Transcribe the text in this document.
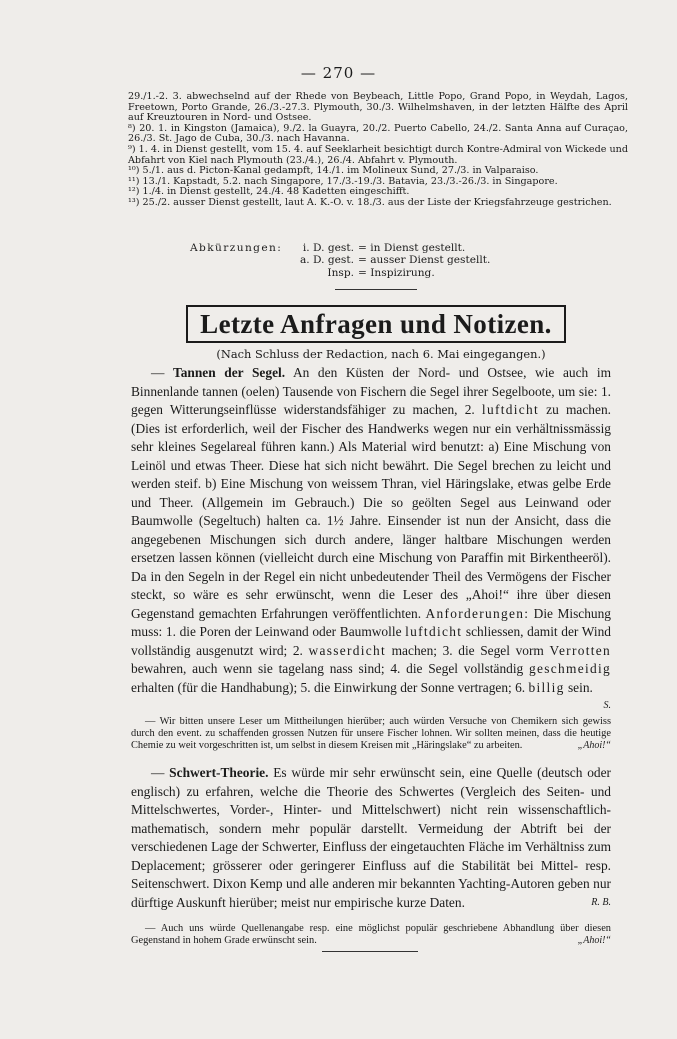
— 270 —

29./1.-2. 3. abwechselnd auf der Rhede von Beybeach, Little Popo, Grand Popo, in Weydah, Lagos, Freetown, Porto Grande, 26./3.-27.3. Plymouth, 30./3. Wilhelmshaven, in der letzten Hälfte des April auf Kreuztouren in Nord- und Ostsee.

⁸) 20. 1. in Kingston (Jamaica), 9./2. la Guayra, 20./2. Puerto Cabello, 24./2. Santa Anna auf Curaçao, 26./3. St. Jago de Cuba, 30./3. nach Havanna.

⁹) 1. 4. in Dienst gestellt, vom 15. 4. auf Seeklarheit besichtigt durch Kontre-Admiral von Wickede und Abfahrt von Kiel nach Plymouth (23./4.), 26./4. Abfahrt v. Plymouth.

¹⁰) 5./1. aus d. Picton-Kanal gedampft, 14./1. im Molineux Sund, 27./3. in Valparaiso.

¹¹) 13./1. Kapstadt, 5.2. nach Singapore, 17./3.-19./3. Batavia, 23./3.-26./3. in Singapore.

¹²) 1./4. in Dienst gestellt, 24./4. 48 Kadetten eingeschifft.

¹³) 25./2. ausser Dienst gestellt, laut A. K.-O. v. 18./3. aus der Liste der Kriegsfahrzeuge gestrichen.

Abkürzungen:	i. D. gest. = in Dienst gestellt.
a. D. gest. = ausser Dienst gestellt.
Insp. = Inspizirung.
Letzte Anfragen und Notizen.
(Nach Schluss der Redaction, nach 6. Mai eingegangen.)

— Tannen der Segel. An den Küsten der Nord- und Ostsee, wie auch im Binnenlande tannen (oelen) Tausende von Fischern die Segel ihrer Segelboote, um sie: 1. gegen Witterungseinflüsse widerstandsfähiger zu machen, 2. luftdicht zu machen. (Dies ist erforderlich, weil der Fischer des Handwerks wegen nur ein verhältnissmässig sehr kleines Segelareal führen kann.) Als Material wird benutzt: a) Eine Mischung von Leinöl und etwas Theer. Diese hat sich nicht bewährt. Die Segel brechen zu leicht und werden steif. b) Eine Mischung von weissem Thran, viel Häringslake, etwas gelbe Erde und Theer. (Allgemein im Gebrauch.) Die so geölten Segel aus Leinwand oder Baumwolle (Segeltuch) halten ca. 1½ Jahre. Einsender ist nun der Ansicht, dass die angegebenen Mischungen sich durch andere, länger haltbare Mischungen werden ersetzen lassen können (vielleicht durch eine Mischung von Paraffin mit Birkentheeröl). Da in den Segeln in der Regel ein nicht unbedeutender Theil des Vermögens der Fischer steckt, so wäre es sehr erwünscht, wenn die Leser des „Ahoi!“ ihre über diesen Gegenstand gemachten Erfahrungen veröffentlichten. Anforderungen: Die Mischung muss: 1. die Poren der Leinwand oder Baumwolle luftdicht schliessen, damit der Wind vollständig ausgenutzt wird; 2. wasserdicht machen; 3. die Segel vorm Verrotten bewahren, auch wenn sie tagelang nass sind; 4. die Segel vollständig geschmeidig erhalten (für die Handhabung); 5. die Einwirkung der Sonne vertragen; 6. billig sein.
S.

— Wir bitten unsere Leser um Mittheilungen hierüber; auch würden Versuche von Chemikern sich gewiss durch den event. zu schaffenden grossen Nutzen für unsere Fischer lohnen. Wir sollten meinen, dass die heutige Chemie zu weit vorgeschritten ist, um selbst in diesem Kreisen mit „Häringslake“ zu arbeiten.	„Ahoi!“

— Schwert-Theorie. Es würde mir sehr erwünscht sein, eine Quelle (deutsch oder englisch) zu erfahren, welche die Theorie des Schwertes (Vergleich des Seiten- und Mittelschwertes, Vorder-, Hinter- und Mittelschwert) nicht rein wissenschaftlich-mathematisch, sondern mehr populär darstellt. Vermeidung der Abtrift bei der verschiedenen Lage der Schwerter, Einfluss der eingetauchten Fläche im Verhältniss zum Deplacement; grösserer oder geringerer Einfluss auf die Stabilität bei Mittel- resp. Seitenschwert. Dixon Kemp und alle anderen mir bekannten Yachting-Autoren geben nur dürftige Auskunft hierüber; meist nur empirische kurze Daten.	R. B.

— Auch uns würde Quellenangabe resp. eine möglichst populär geschriebene Abhandlung über diesen Gegenstand in hohem Grade erwünscht sein.	„Ahoi!“
